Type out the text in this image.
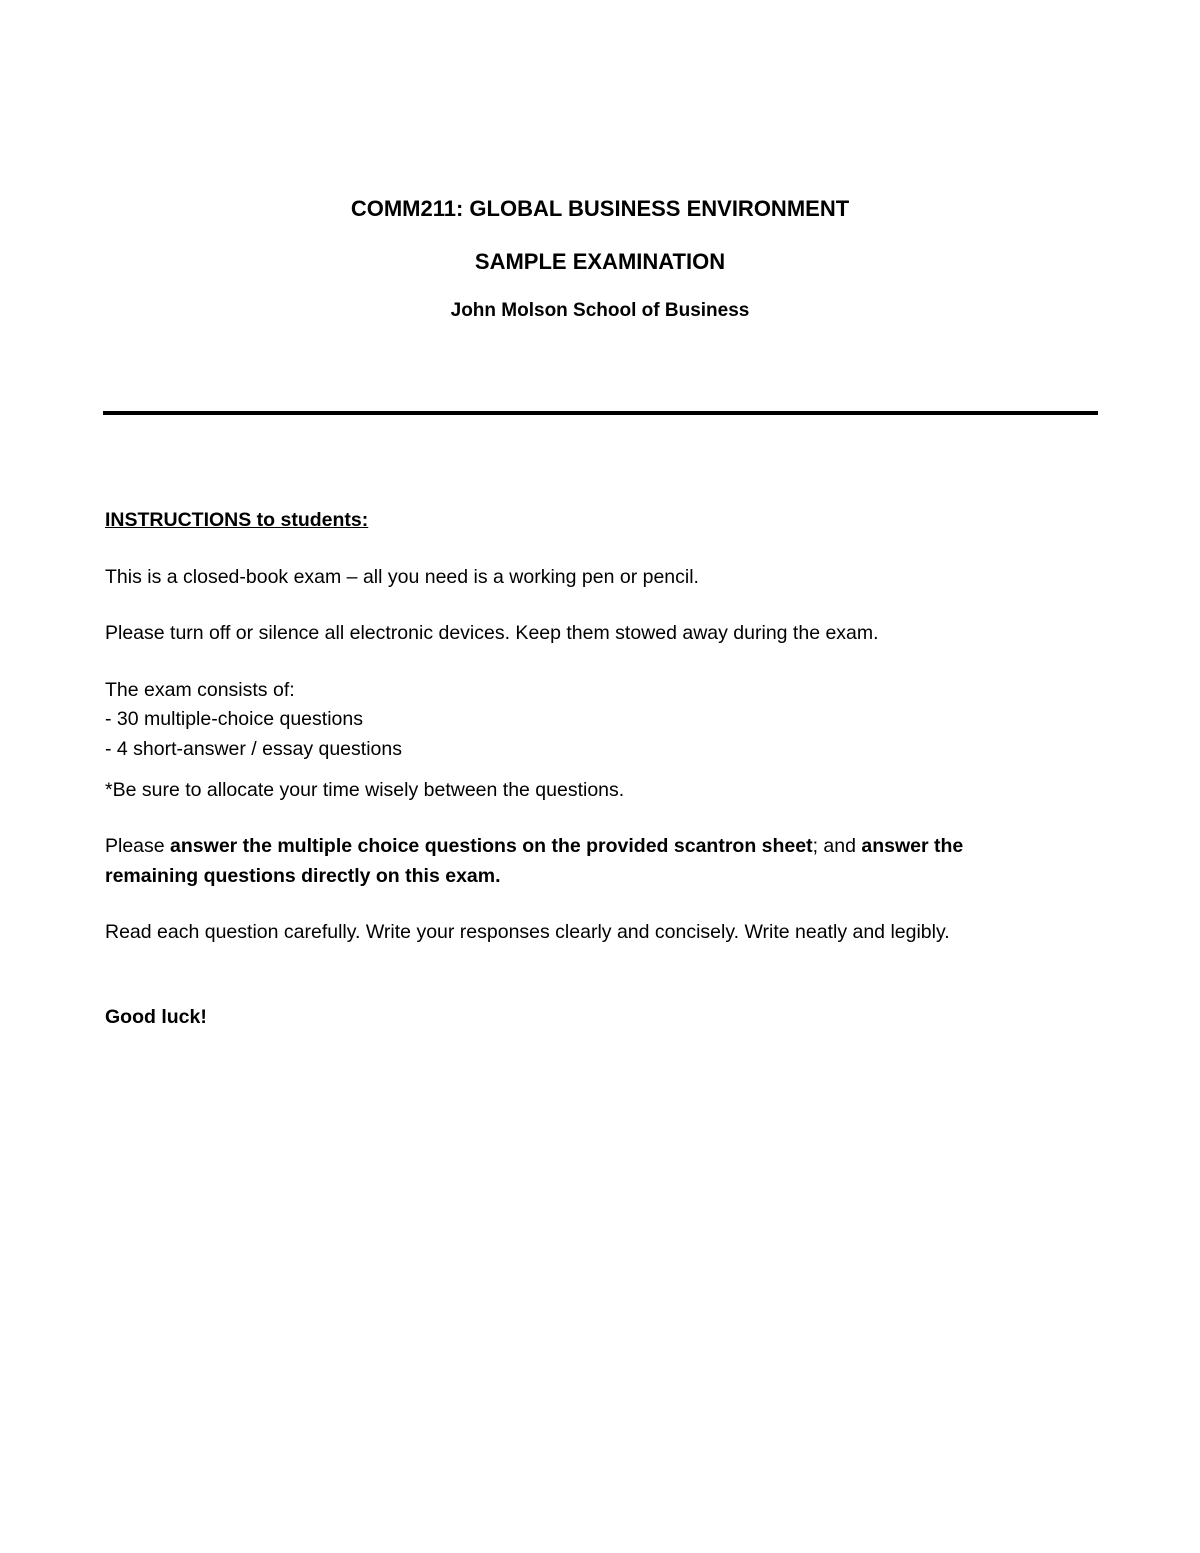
COMM211: GLOBAL BUSINESS ENVIRONMENT
SAMPLE EXAMINATION
John Molson School of Business
INSTRUCTIONS to students:
This is a closed-book exam – all you need is a working pen or pencil.
Please turn off or silence all electronic devices. Keep them stowed away during the exam.
The exam consists of:
- 30 multiple-choice questions
- 4 short-answer / essay questions
*Be sure to allocate your time wisely between the questions.
Please answer the multiple choice questions on the provided scantron sheet; and answer the
remaining questions directly on this exam.
Read each question carefully. Write your responses clearly and concisely. Write neatly and legibly.
Good luck!
